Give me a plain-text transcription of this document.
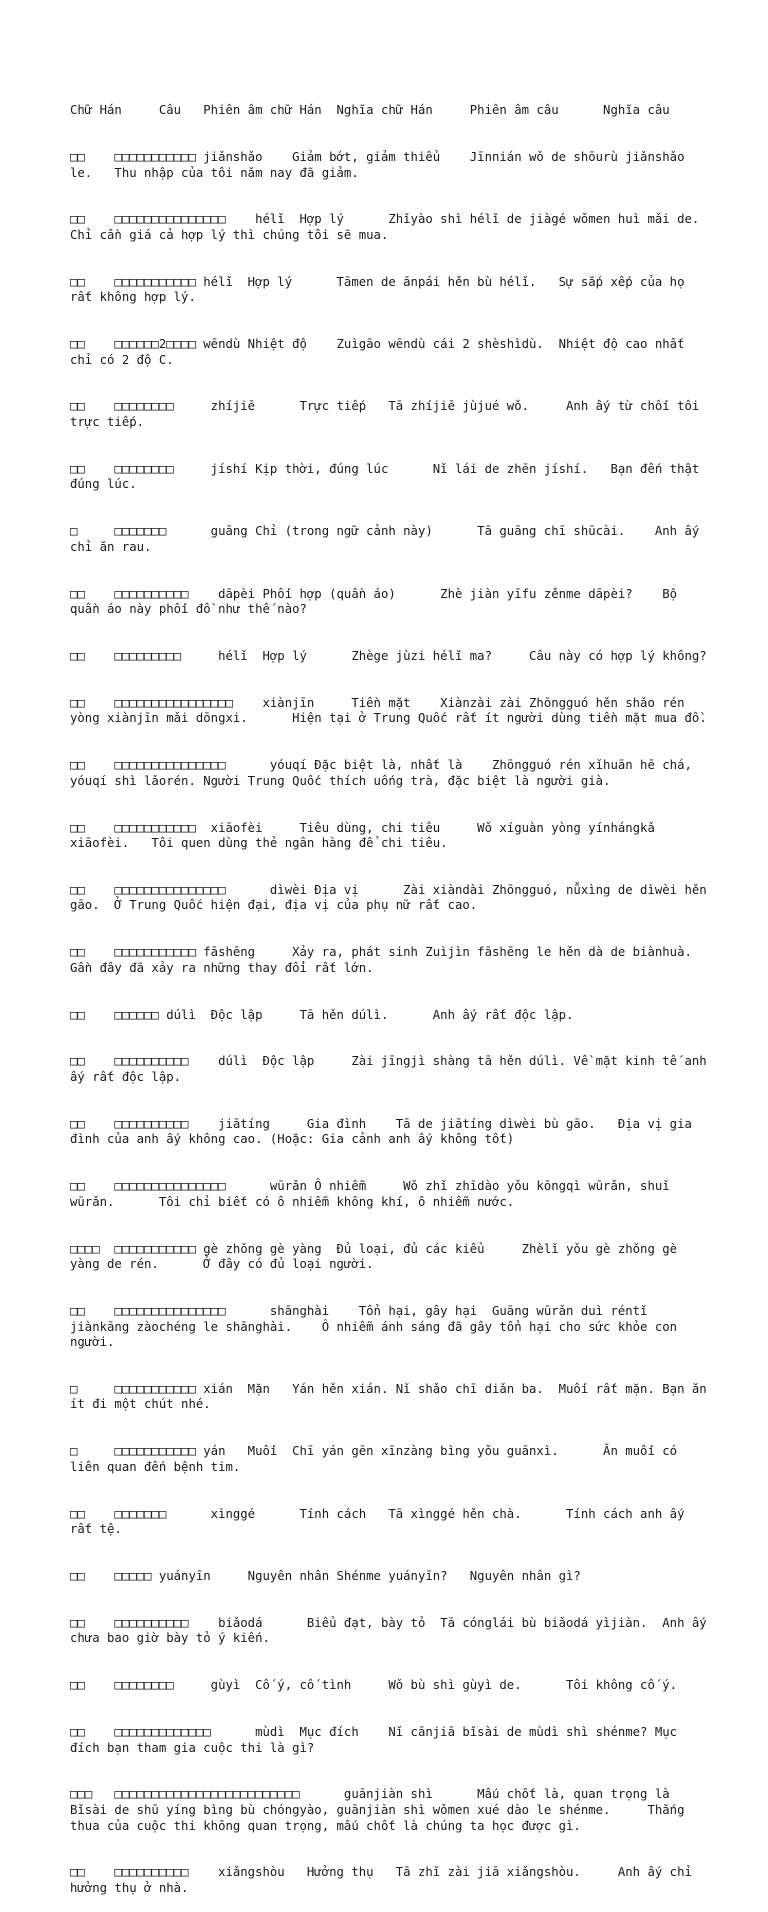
Chữ Hán     Câu   Phiên âm chữ Hán  Nghĩa chữ Hán     Phiên âm câu      Nghĩa câu

□□    □□□□□□□□□□□ jiǎnshǎo    Giảm bớt, giảm thiểu    Jīnnián wǒ de shōurù jiǎnshǎo le.   Thu nhập của tôi năm nay đã giảm.

□□    □□□□□□□□□□□□□□□    hélǐ  Hợp lý      Zhǐyào shì hélǐ de jiàgé wǒmen huì mǎi de.  Chỉ cần giá cả hợp lý thì chúng tôi sẽ mua.

□□    □□□□□□□□□□□ hélǐ  Hợp lý      Tāmen de ānpái hěn bù hélǐ.   Sự sắp xếp của họ rất không hợp lý.

□□    □□□□□□2□□□□ wēndù Nhiệt độ    Zuìgāo wēndù cái 2 shèshìdù.  Nhiệt độ cao nhất chỉ có 2 độ C.

□□    □□□□□□□□     zhíjiē      Trực tiếp   Tā zhíjiē jùjué wǒ.     Anh ấy từ chối tôi trực tiếp.

□□    □□□□□□□□     jíshí Kịp thời, đúng lúc      Nǐ lái de zhēn jíshí.   Bạn đến thật đúng lúc.

□     □□□□□□□      guāng Chỉ (trong ngữ cảnh này)      Tā guāng chī shūcài.    Anh ấy chỉ ăn rau.

□□    □□□□□□□□□□    dāpèi Phối hợp (quần áo)      Zhè jiàn yīfu zěnme dāpèi?    Bộ quần áo này phối đồ như thế nào?

□□    □□□□□□□□□     hélǐ  Hợp lý      Zhège jùzi hélǐ ma?     Câu này có hợp lý không?

□□    □□□□□□□□□□□□□□□□    xiànjīn     Tiền mặt    Xiànzài zài Zhōngguó hěn shǎo rén yòng xiànjīn mǎi dōngxi.      Hiện tại ở Trung Quốc rất ít người dùng tiền mặt mua đồ.

□□    □□□□□□□□□□□□□□□      yóuqí Đặc biệt là, nhất là    Zhōngguó rén xǐhuān hē chá, yóuqí shì lǎorén. Người Trung Quốc thích uống trà, đặc biệt là người già.

□□    □□□□□□□□□□□  xiāofèi     Tiêu dùng, chi tiêu     Wǒ xíguàn yòng yínhángkǎ xiāofèi.   Tôi quen dùng thẻ ngân hàng để chi tiêu.

□□    □□□□□□□□□□□□□□□      dìwèi Địa vị      Zài xiàndài Zhōngguó, nǚxìng de dìwèi hěn gāo.  Ở Trung Quốc hiện đại, địa vị của phụ nữ rất cao.

□□    □□□□□□□□□□□ fāshēng     Xảy ra, phát sinh Zuìjìn fāshēng le hěn dà de biànhuà.    Gần đây đã xảy ra những thay đổi rất lớn.

□□    □□□□□□ dúlì  Độc lập     Tā hěn dúlì.      Anh ấy rất độc lập.

□□    □□□□□□□□□□    dúlì  Độc lập     Zài jīngjì shàng tā hěn dúlì. Về mặt kinh tế anh ấy rất độc lập.

□□    □□□□□□□□□□    jiātíng     Gia đình    Tā de jiātíng dìwèi bù gāo.   Địa vị gia đình của anh ấy không cao. (Hoặc: Gia cảnh anh ấy không tốt)

□□    □□□□□□□□□□□□□□□      wūrǎn Ô nhiễm     Wǒ zhǐ zhīdào yǒu kōngqì wūrǎn, shuǐ wūrǎn.      Tôi chỉ biết có ô nhiễm không khí, ô nhiễm nước.

□□□□  □□□□□□□□□□□ gè zhǒng gè yàng  Đủ loại, đủ các kiểu     Zhèlǐ yǒu gè zhǒng gè yàng de rén.      Ở đây có đủ loại người.

□□    □□□□□□□□□□□□□□□      shānghài    Tổn hại, gây hại  Guāng wūrǎn duì réntǐ jiànkāng zàochéng le shānghài.    Ô nhiễm ánh sáng đã gây tổn hại cho sức khỏe con người.

□     □□□□□□□□□□□ xián  Mặn   Yán hěn xián. Nǐ shǎo chī diǎn ba.  Muối rất mặn. Bạn ăn ít đi một chút nhé.

□     □□□□□□□□□□□ yán   Muối  Chī yán gēn xīnzàng bìng yǒu guānxì.      Ăn muối có liên quan đến bệnh tim.

□□    □□□□□□□      xìnggé      Tính cách   Tā xìnggé hěn chà.      Tính cách anh ấy rất tệ.

□□    □□□□□ yuányīn     Nguyên nhân Shénme yuányīn?   Nguyên nhân gì?

□□    □□□□□□□□□□    biǎodá      Biểu đạt, bày tỏ  Tā cónglái bù biǎodá yìjiàn.  Anh ấy chưa bao giờ bày tỏ ý kiến.

□□    □□□□□□□□     gùyì  Cố ý, cố tình     Wǒ bù shì gùyì de.      Tôi không cố ý.

□□    □□□□□□□□□□□□□      mùdì  Mục đích    Nǐ cānjiā bǐsài de mùdì shì shénme? Mục đích bạn tham gia cuộc thi là gì?

□□□   □□□□□□□□□□□□□□□□□□□□□□□□□      guānjiàn shì      Mấu chốt là, quan trọng là    Bǐsài de shū yíng bìng bù chóngyào, guānjiàn shì wǒmen xué dào le shénme.     Thắng thua của cuộc thi không quan trọng, mấu chốt là chúng ta học được gì.

□□    □□□□□□□□□□    xiǎngshòu   Hưởng thụ   Tā zhǐ zài jiā xiǎngshòu.     Anh ấy chỉ hưởng thụ ở nhà.
